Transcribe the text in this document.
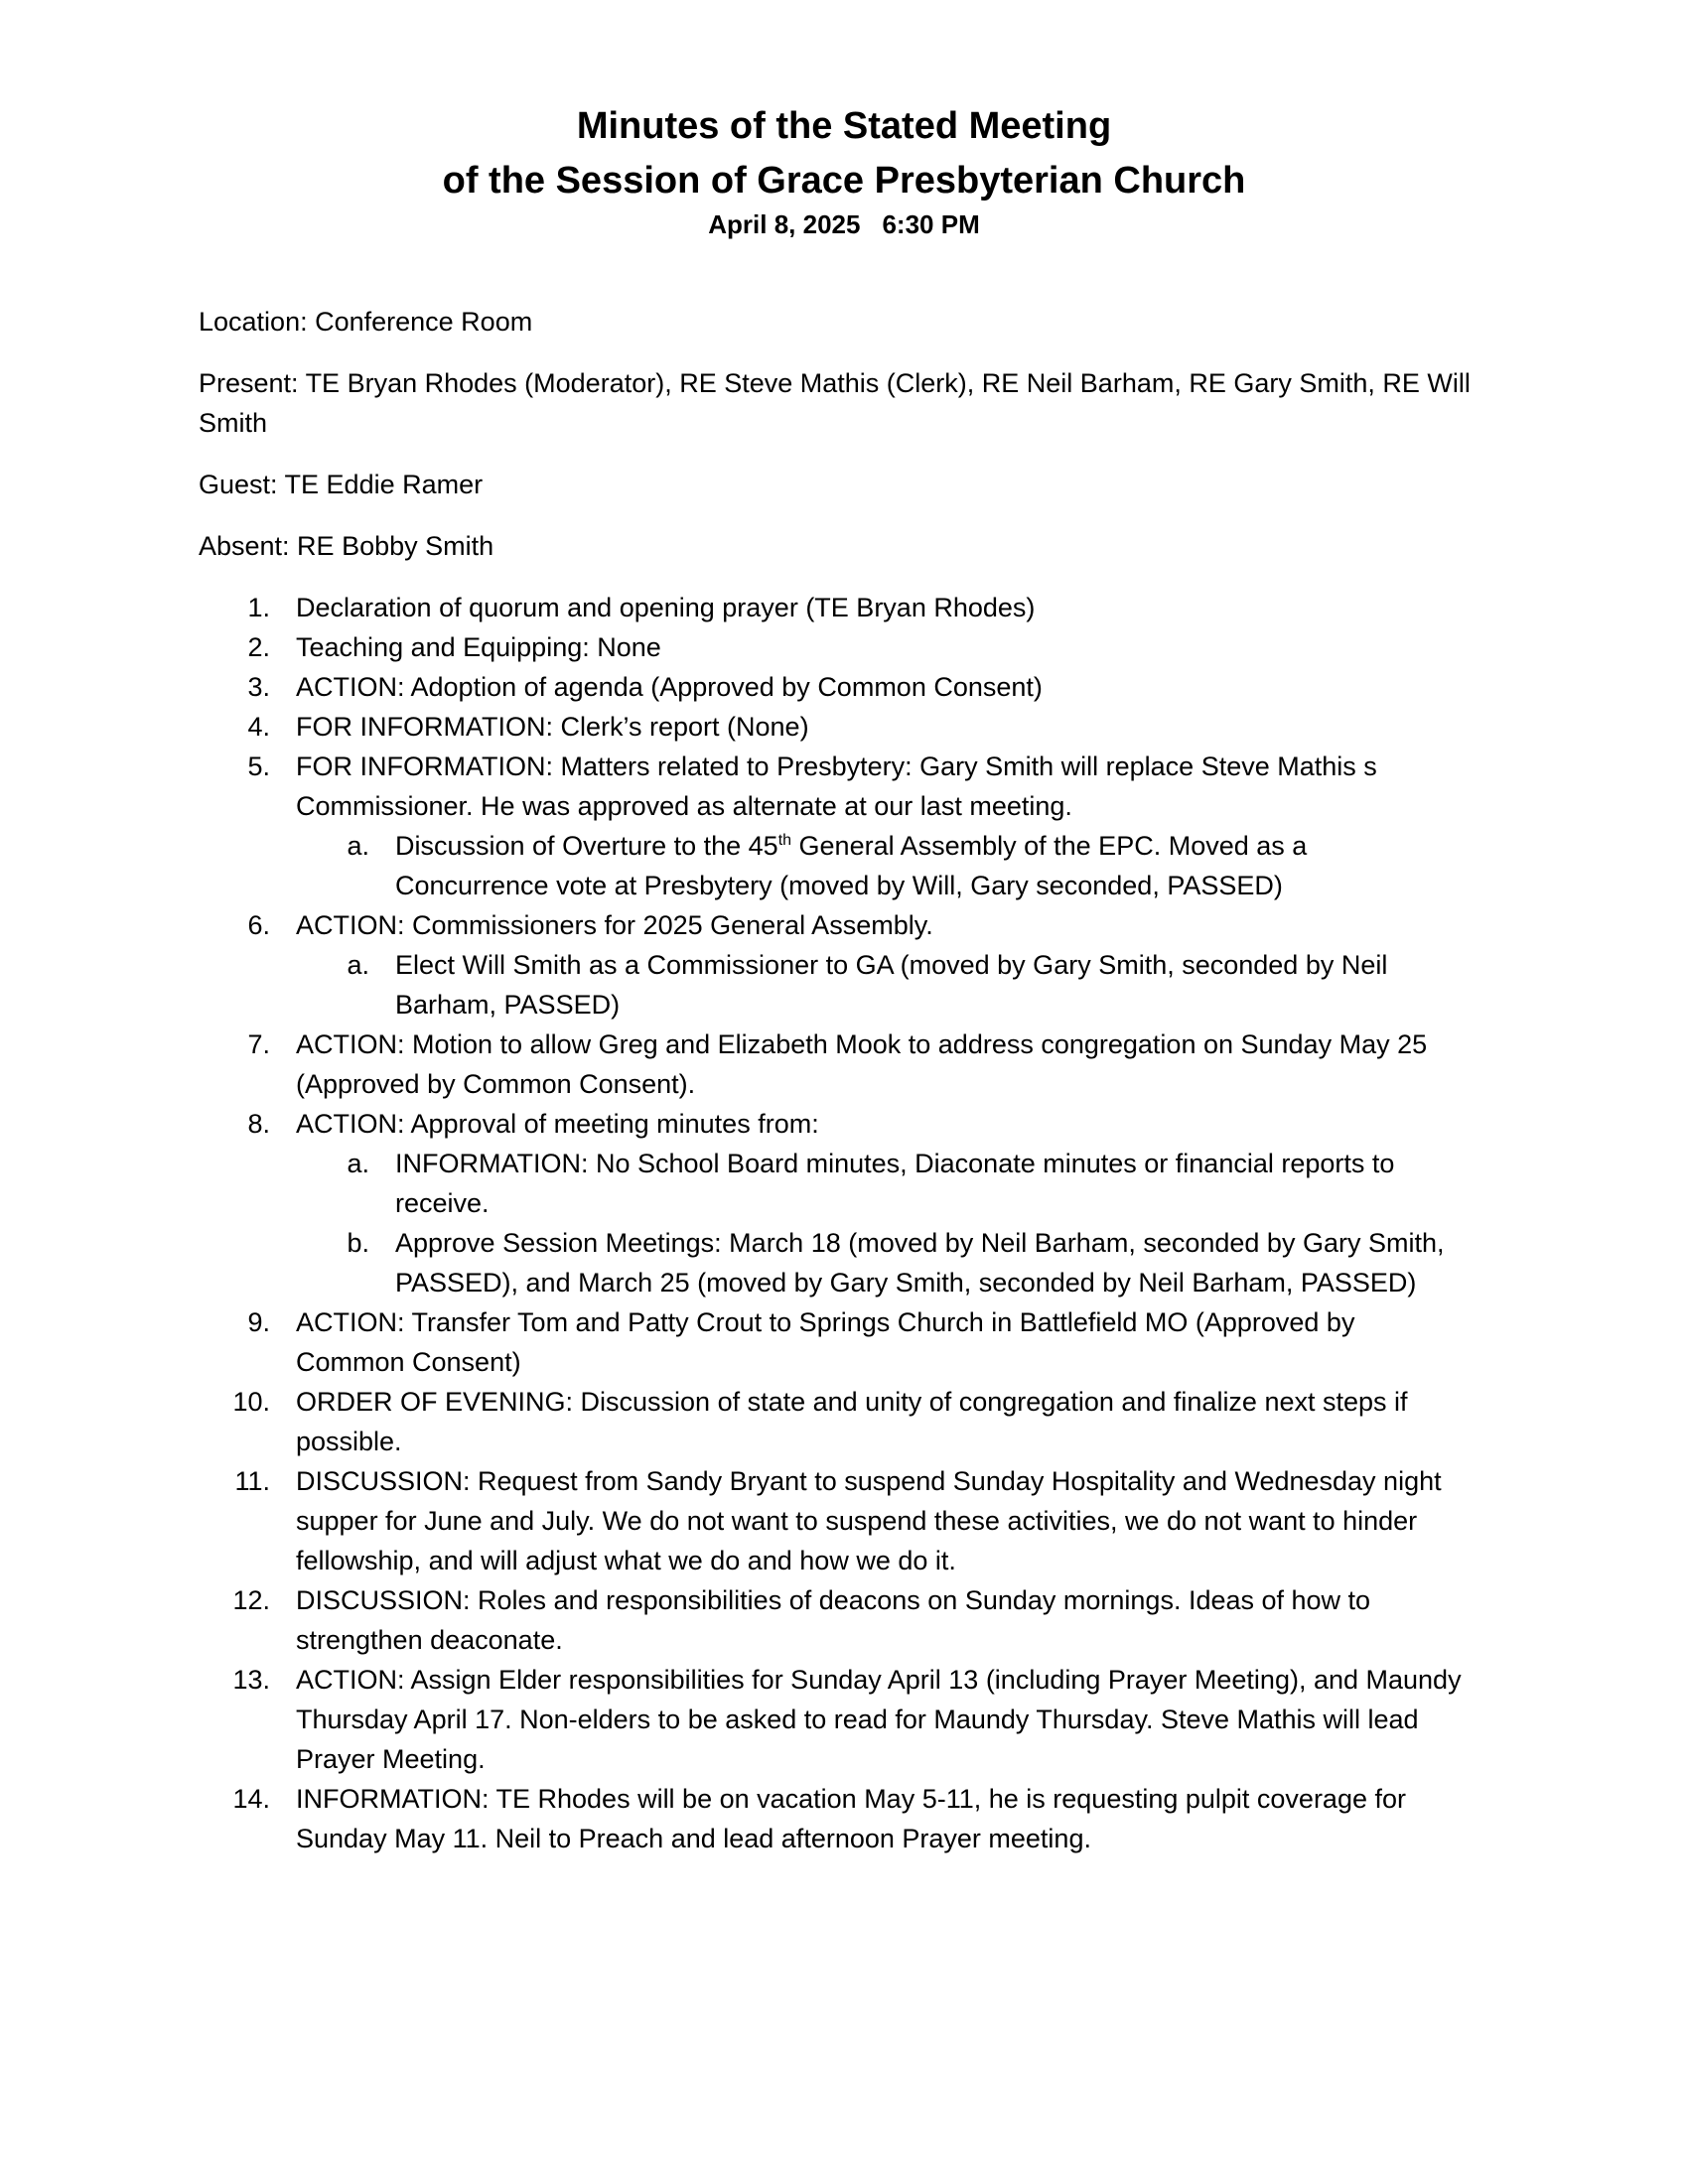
Minutes of the Stated Meeting
of the Session of Grace Presbyterian Church
April 8, 2025 6:30 PM
Location: Conference Room
Present: TE Bryan Rhodes (Moderator), RE Steve Mathis (Clerk), RE Neil Barham, RE Gary Smith, RE Will Smith
Guest: TE Eddie Ramer
Absent: RE Bobby Smith
1. Declaration of quorum and opening prayer (TE Bryan Rhodes)
2. Teaching and Equipping: None
3. ACTION: Adoption of agenda (Approved by Common Consent)
4. FOR INFORMATION: Clerk’s report (None)
5. FOR INFORMATION: Matters related to Presbytery: Gary Smith will replace Steve Mathis s Commissioner. He was approved as alternate at our last meeting.
a. Discussion of Overture to the 45th General Assembly of the EPC. Moved as a Concurrence vote at Presbytery (moved by Will, Gary seconded, PASSED)
6. ACTION: Commissioners for 2025 General Assembly.
a. Elect Will Smith as a Commissioner to GA (moved by Gary Smith, seconded by Neil Barham, PASSED)
7. ACTION: Motion to allow Greg and Elizabeth Mook to address congregation on Sunday May 25 (Approved by Common Consent).
8. ACTION: Approval of meeting minutes from:
a. INFORMATION: No School Board minutes, Diaconate minutes or financial reports to receive.
b. Approve Session Meetings: March 18 (moved by Neil Barham, seconded by Gary Smith, PASSED), and March 25 (moved by Gary Smith, seconded by Neil Barham, PASSED)
9. ACTION: Transfer Tom and Patty Crout to Springs Church in Battlefield MO (Approved by Common Consent)
10. ORDER OF EVENING: Discussion of state and unity of congregation and finalize next steps if possible.
11. DISCUSSION: Request from Sandy Bryant to suspend Sunday Hospitality and Wednesday night supper for June and July. We do not want to suspend these activities, we do not want to hinder fellowship, and will adjust what we do and how we do it.
12. DISCUSSION: Roles and responsibilities of deacons on Sunday mornings. Ideas of how to strengthen deaconate.
13. ACTION: Assign Elder responsibilities for Sunday April 13 (including Prayer Meeting), and Maundy Thursday April 17. Non-elders to be asked to read for Maundy Thursday. Steve Mathis will lead Prayer Meeting.
14. INFORMATION: TE Rhodes will be on vacation May 5-11, he is requesting pulpit coverage for Sunday May 11. Neil to Preach and lead afternoon Prayer meeting.
